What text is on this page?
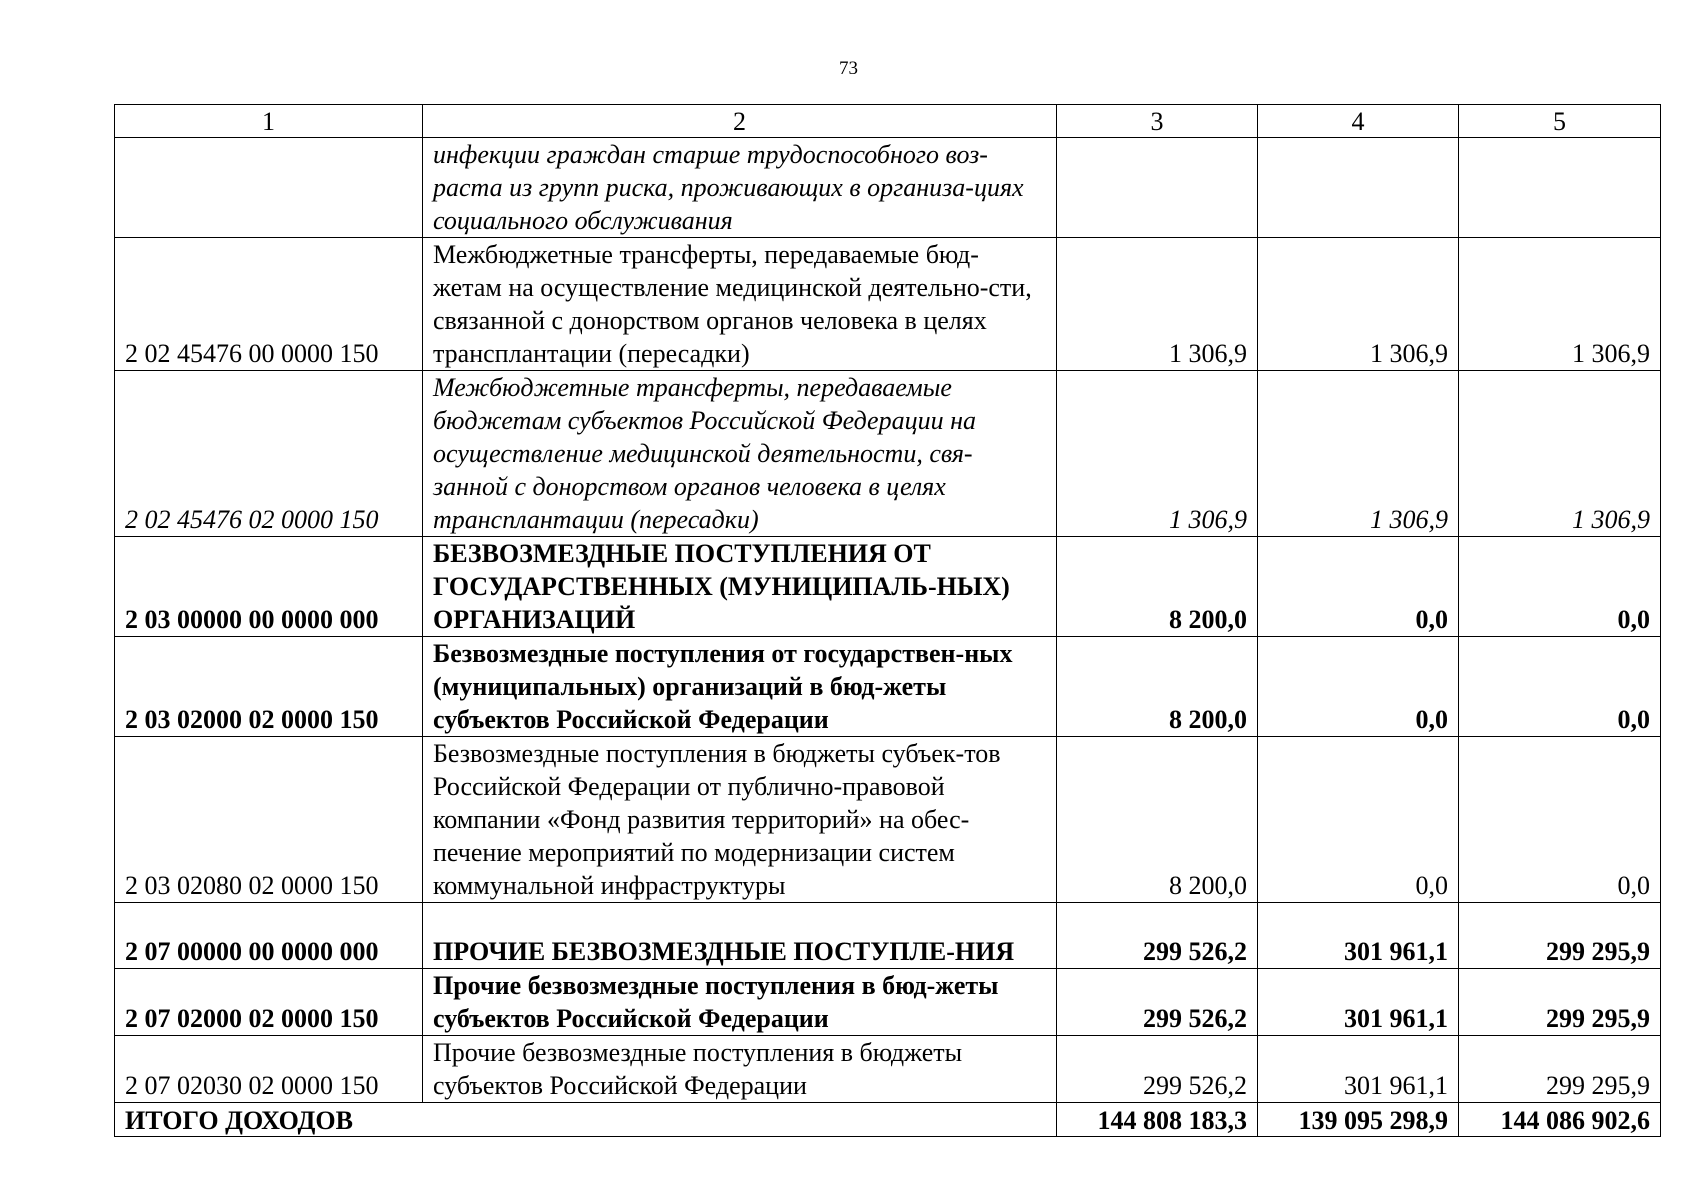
73
1	2	3	4	5
	инфекции граждан старше трудоспособного воз-раста из групп риска, проживающих в организа-циях социального обслуживания			
2 02 45476 00 0000 150	Межбюджетные трансферты, передаваемые бюд-жетам на осуществление медицинской деятельно-сти, связанной с донорством органов человека в целях трансплантации (пересадки)	1 306,9	1 306,9	1 306,9
2 02 45476 02 0000 150	Межбюджетные трансферты, передаваемые бюджетам субъектов Российской Федерации на осуществление медицинской деятельности, свя-занной с донорством органов человека в целях трансплантации (пересадки)	1 306,9	1 306,9	1 306,9
2 03 00000 00 0000 000	БЕЗВОЗМЕЗДНЫЕ ПОСТУПЛЕНИЯ ОТ ГОСУДАРСТВЕННЫХ (МУНИЦИПАЛЬ-НЫХ) ОРГАНИЗАЦИЙ	8 200,0	0,0	0,0
2 03 02000 02 0000 150	Безвозмездные поступления от государствен-ных (муниципальных) организаций в бюд-жеты субъектов Российской Федерации	8 200,0	0,0	0,0
2 03 02080 02 0000 150	Безвозмездные поступления в бюджеты субъек-тов Российской Федерации от публично-правовой компании «Фонд развития территорий» на обес-печение мероприятий по модернизации систем коммунальной инфраструктуры	8 200,0	0,0	0,0
2 07 00000 00 0000 000	ПРОЧИЕ БЕЗВОЗМЕЗДНЫЕ ПОСТУПЛЕ-НИЯ	299 526,2	301 961,1	299 295,9
2 07 02000 02 0000 150	Прочие безвозмездные поступления в бюд-жеты субъектов Российской Федерации	299 526,2	301 961,1	299 295,9
2 07 02030 02 0000 150	Прочие безвозмездные поступления в бюджеты субъектов Российской Федерации	299 526,2	301 961,1	299 295,9
ИТОГО ДОХОДОВ		144 808 183,3	139 095 298,9	144 086 902,6
